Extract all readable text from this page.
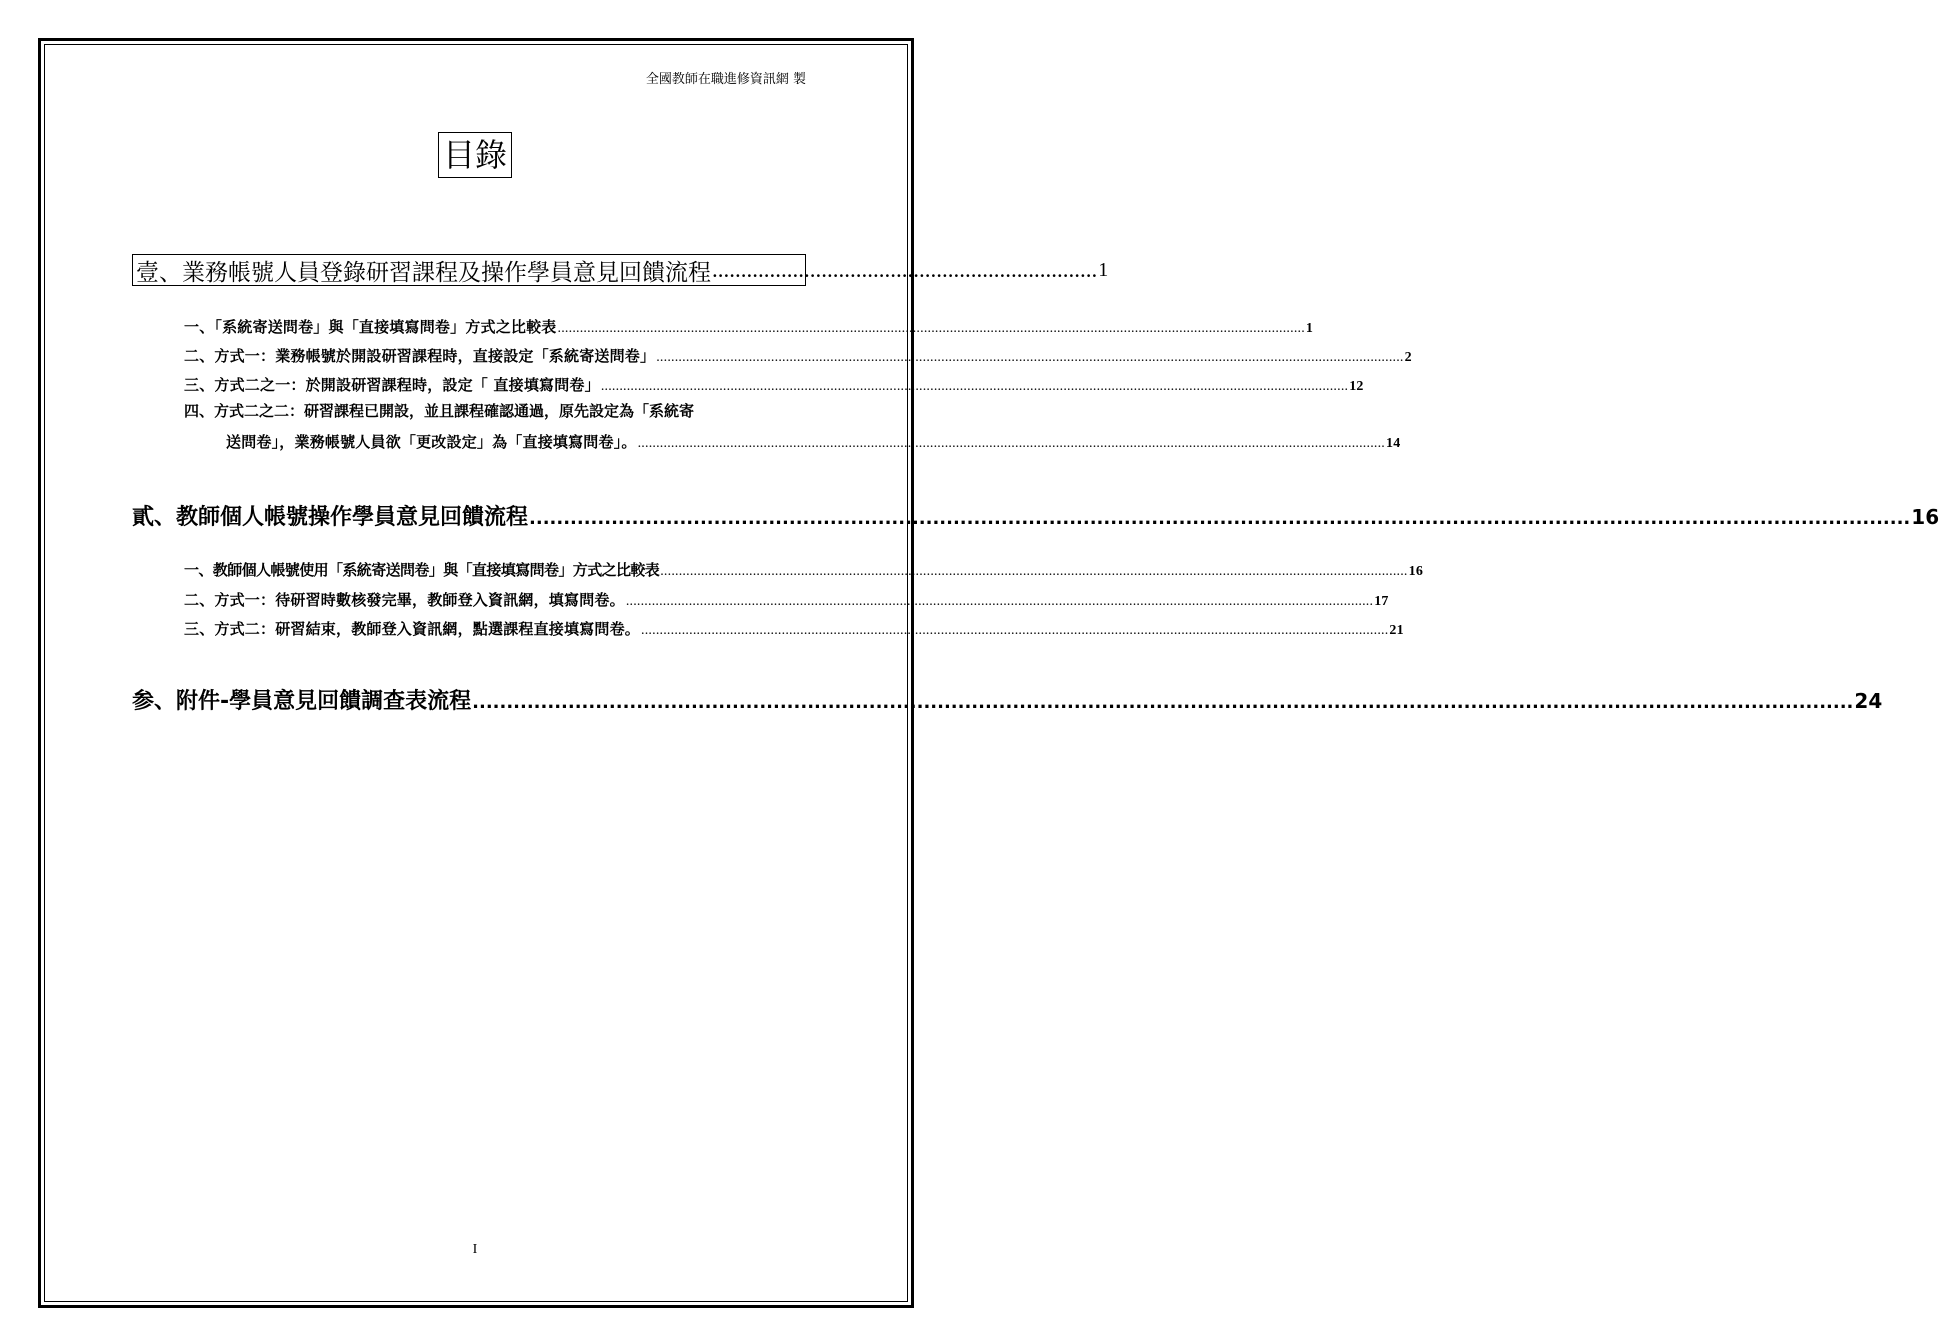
全國教師在職進修資訊網 製
目錄
壹、業務帳號人員登錄研習課程及操作學員意見回饋流程 .....	1
一、「系統寄送問卷」與「直接填寫問卷」方式之比較表 .....	1
二、方式一：業務帳號於開設研習課程時，直接設定「系統寄送問卷」 .....	2
三、方式二之一：於開設研習課程時，設定「 直接填寫問卷」 .....	12
四、方式二之二：研習課程已開設，並且課程確認通過，原先設定為「系統寄
送問卷」，業務帳號人員欲「更改設定」為「直接填寫問卷」。 .....	14
貳、教師個人帳號操作學員意見回饋流程 .....	16
一、教師個人帳號使用「系統寄送問卷」與「直接填寫問卷」方式之比較表 .....	16
二、方式一：待研習時數核發完畢，教師登入資訊網，填寫問卷。 .....	17
三、方式二：研習結束，教師登入資訊網，點選課程直接填寫問卷。 .....	21
参、附件-學員意見回饋調查表流程 .....	24
I
